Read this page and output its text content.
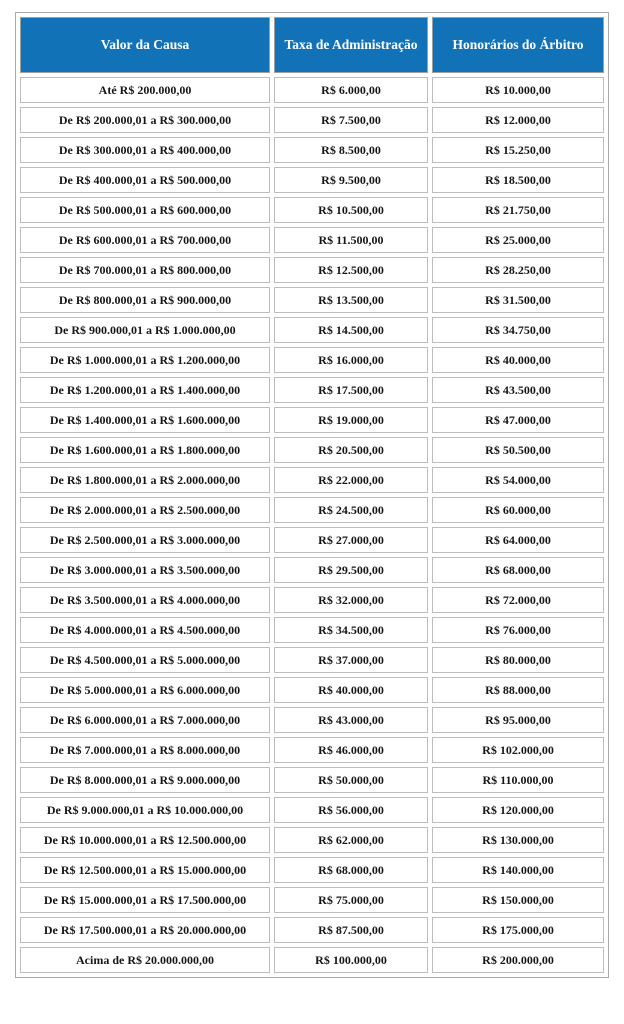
Valor da Causa	Taxa de Administração	Honorários do Árbitro
Até R$ 200.000,00	R$ 6.000,00	R$ 10.000,00
De R$ 200.000,01 a R$ 300.000,00	R$ 7.500,00	R$ 12.000,00
De R$ 300.000,01 a R$ 400.000,00	R$ 8.500,00	R$ 15.250,00
De R$ 400.000,01 a R$ 500.000,00	R$ 9.500,00	R$ 18.500,00
De R$ 500.000,01 a R$ 600.000,00	R$ 10.500,00	R$ 21.750,00
De R$ 600.000,01 a R$ 700.000,00	R$ 11.500,00	R$ 25.000,00
De R$ 700.000,01 a R$ 800.000,00	R$ 12.500,00	R$ 28.250,00
De R$ 800.000,01 a R$ 900.000,00	R$ 13.500,00	R$ 31.500,00
De R$ 900.000,01 a R$ 1.000.000,00	R$ 14.500,00	R$ 34.750,00
De R$ 1.000.000,01 a R$ 1.200.000,00	R$ 16.000,00	R$ 40.000,00
De R$ 1.200.000,01 a R$ 1.400.000,00	R$ 17.500,00	R$ 43.500,00
De R$ 1.400.000,01 a R$ 1.600.000,00	R$ 19.000,00	R$ 47.000,00
De R$ 1.600.000,01 a R$ 1.800.000,00	R$ 20.500,00	R$ 50.500,00
De R$ 1.800.000,01 a R$ 2.000.000,00	R$ 22.000,00	R$ 54.000,00
De R$ 2.000.000,01 a R$ 2.500.000,00	R$ 24.500,00	R$ 60.000,00
De R$ 2.500.000,01 a R$ 3.000.000,00	R$ 27.000,00	R$ 64.000,00
De R$ 3.000.000,01 a R$ 3.500.000,00	R$ 29.500,00	R$ 68.000,00
De R$ 3.500.000,01 a R$ 4.000.000,00	R$ 32.000,00	R$ 72.000,00
De R$ 4.000.000,01 a R$ 4.500.000,00	R$ 34.500,00	R$ 76.000,00
De R$ 4.500.000,01 a R$ 5.000.000,00	R$ 37.000,00	R$ 80.000,00
De R$ 5.000.000,01 a R$ 6.000.000,00	R$ 40.000,00	R$ 88.000,00
De R$ 6.000.000,01 a R$ 7.000.000,00	R$ 43.000,00	R$ 95.000,00
De R$ 7.000.000,01 a R$ 8.000.000,00	R$ 46.000,00	R$ 102.000,00
De R$ 8.000.000,01 a R$ 9.000.000,00	R$ 50.000,00	R$ 110.000,00
De R$ 9.000.000,01 a R$ 10.000.000,00	R$ 56.000,00	R$ 120.000,00
De R$ 10.000.000,01 a R$ 12.500.000,00	R$ 62.000,00	R$ 130.000,00
De R$ 12.500.000,01 a R$ 15.000.000,00	R$ 68.000,00	R$ 140.000,00
De R$ 15.000.000,01 a R$ 17.500.000,00	R$ 75.000,00	R$ 150.000,00
De R$ 17.500.000,01 a R$ 20.000.000,00	R$ 87.500,00	R$ 175.000,00
Acima de R$ 20.000.000,00	R$ 100.000,00	R$ 200.000,00
